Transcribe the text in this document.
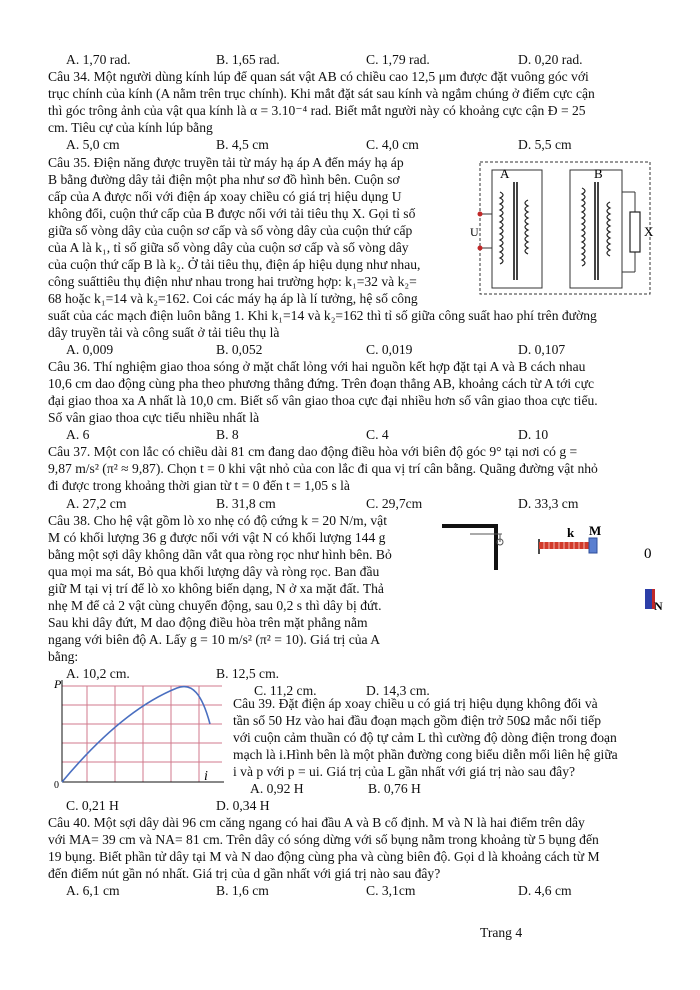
A. 1,70 rad.	B. 1,65 rad.	C. 1,79 rad.	D. 0,20 rad.
Câu 34. Một người dùng kính lúp để quan sát vật AB có chiều cao 12,5 μm được đặt vuông góc với
trục chính của kính (A nằm trên trục chính). Khi mắt đặt sát sau kính và ngắm chúng ở điểm cực cận
thì góc trông ảnh của vật qua kính là α = 3.10⁻⁴ rad. Biết mắt người này có khoảng cực cận Đ = 25
cm. Tiêu cự của kính lúp bằng
A. 5,0 cm	B. 4,5 cm	C. 4,0 cm	D. 5,5 cm
Câu 35. Điện năng được truyền tải từ máy hạ áp A đến máy hạ áp
B bằng đường dây tải điện một pha như sơ đồ hình bên. Cuộn sơ
cấp của A được nối với điện áp xoay chiều có giá trị hiệu dụng U
không đổi, cuộn thứ cấp của B được nối với tải tiêu thụ X. Gọi tỉ số
giữa số vòng dây của cuộn sơ cấp và số vòng dây của cuộn thứ cấp
của A là k₁, tỉ số giữa số vòng dây của cuộn sơ cấp và số vòng dây
của cuộn thứ cấp B là k₂. Ở tải tiêu thụ, điện áp hiệu dụng như nhau,
công suấttiêu thụ điện như nhau trong hai trường hợp: k₁=32 và k₂=
68 hoặc k₁=14 và k₂=162. Coi các máy hạ áp là lí tưởng, hệ số công
suất của các mạch điện luôn bằng 1. Khi k₁=14 và k₂=162 thì tỉ số giữa công suất hao phí trên đường
dây truyền tải và công suất ở tải tiêu thụ là
A. 0,009	B. 0,052	C. 0,019	D. 0,107
A	B
U	X
Câu 36. Thí nghiệm giao thoa sóng ở mặt chất lỏng với hai nguồn kết hợp đặt tại A và B cách nhau
10,6 cm dao động cùng pha theo phương thẳng đứng. Trên đoạn thẳng AB, khoảng cách từ A tới cực
đại giao thoa xa A nhất là 10,0 cm. Biết số vân giao thoa cực đại nhiều hơn số vân giao thoa cực tiểu.
Số vân giao thoa cực tiểu nhiều nhất là
A. 6	B. 8	C. 4	D. 10
Câu 37. Một con lắc có chiều dài 81 cm đang dao động điều hòa với biên độ góc 9° tại nơi có g =
9,87 m/s² (π² ≈ 9,87). Chọn t = 0 khi vật nhỏ của con lắc đi qua vị trí cân bằng. Quãng đường vật nhỏ
đi được trong khoảng thời gian từ t = 0 đến t = 1,05 s là
A. 27,2 cm	B. 31,8 cm	C. 29,7cm	D. 33,3 cm
Câu 38. Cho hệ vật gồm lò xo nhẹ có độ cứng k = 20 N/m, vật
M có khối lượng 36 g được nối với vật N có khối lượng 144 g
bằng một sợi dây không dãn vắt qua ròng rọc như hình bên. Bỏ
qua mọi ma sát, Bỏ qua khối lượng dây và ròng rọc. Ban đầu
giữ M tại vị trí để lò xo không biến dạng, N ở xa mặt đất. Thả
nhẹ M để cả 2 vật cùng chuyển động, sau 0,2 s thì dây bị đứt.
Sau khi dây đứt, M dao động điều hòa trên mặt phẳng nằm
ngang với biên độ A. Lấy g = 10 m/s² (π² = 10). Giá trị của A
bằng:
A. 10,2 cm.	B. 12,5 cm.
C. 11,2 cm.	D. 14,3 cm.
k M
0
N
P
i
0
Câu 39. Đặt điện áp xoay chiều u có giá trị hiệu dụng không đổi và
tần số 50 Hz vào hai đầu đoạn mạch gồm điện trở 50Ω mắc nối tiếp
với cuộn cảm thuần có độ tự cảm L thì cường độ dòng điện trong đoạn
mạch là i.Hình bên là một phần đường cong biểu diễn mối liên hệ giữa
i và p với p = ui. Giá trị của L gần nhất với giá trị nào sau đây?
A. 0,92 H	B. 0,76 H
C. 0,21 H	D. 0,34 H
Câu 40. Một sợi dây dài 96 cm căng ngang có hai đầu A và B cố định. M và N là hai điểm trên dây
với MA= 39 cm và NA= 81 cm. Trên dây có sóng dừng với số bụng nằm trong khoảng từ 5 bụng đến
19 bụng. Biết phần tử dây tại M và N dao động cùng pha và cùng biên độ. Gọi d là khoảng cách từ M
đến điểm nút gần nó nhất. Giá trị của d gần nhất với giá trị nào sau đây?
A. 6,1 cm	B. 1,6 cm	C. 3,1cm	D. 4,6 cm
Trang 4
